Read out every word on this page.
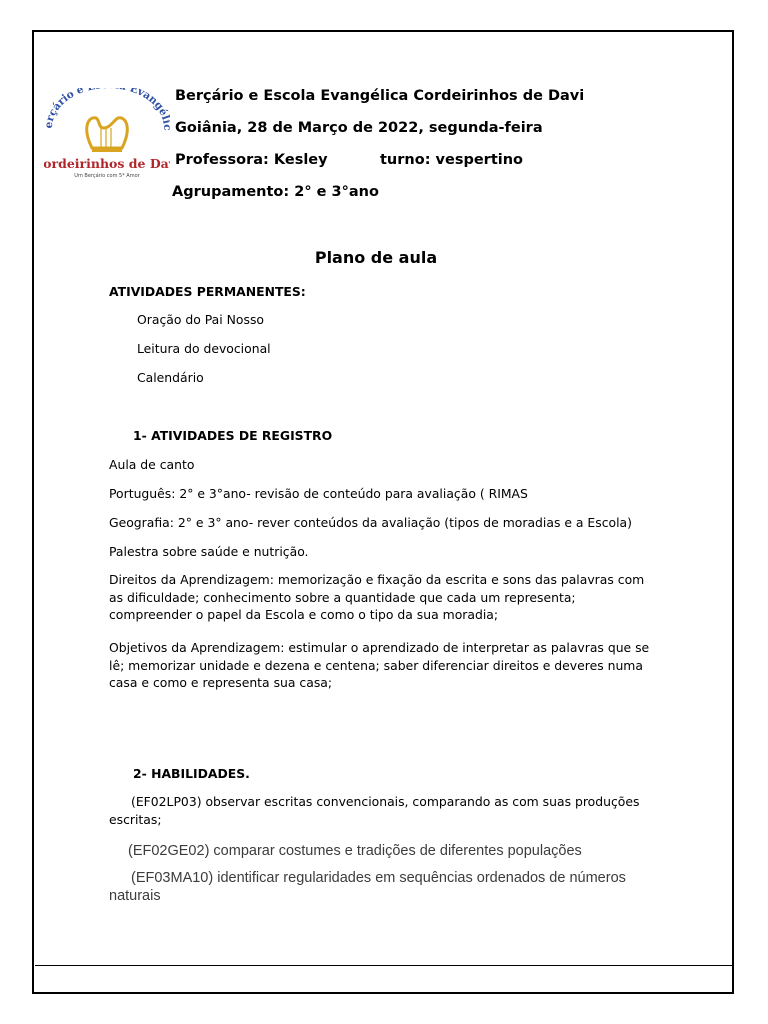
erçário e Evangé
ordeirinhos de Da
Um Berçário com 5* Amor
Berçário e Escola Evangélica Cordeirinhos de Davi
Goiânia, 28 de Março de 2022, segunda-feira
Professora: Kesley	turno: vespertino
Agrupamento: 2° e 3°ano
Plano de aula
ATIVIDADES PERMANENTES:
Oração do Pai Nosso
Leitura do devocional
Calendário
1- ATIVIDADES DE REGISTRO
Aula de canto
Português: 2° e 3°ano- revisão de conteúdo para avaliação ( RIMAS
Geografia: 2° e 3° ano- rever conteúdos da avaliação (tipos de moradias e a Escola)
Palestra sobre saúde e nutrição.
Direitos da Aprendizagem: memorização e fixação da escrita e sons das palavras com as dificuldade; conhecimento sobre a quantidade que cada um representa; compreender o papel da Escola e como o tipo da sua moradia;
Objetivos da Aprendizagem: estimular o aprendizado de interpretar as palavras que se lê; memorizar unidade e dezena e centena; saber diferenciar direitos e deveres numa casa e como e representa sua casa;
2- HABILIDADES.
(EF02LP03) observar escritas convencionais, comparando as com suas produções escritas;
(EF02GE02) comparar costumes e tradições de diferentes populações
(EF03MA10) identificar regularidades em sequências ordenados de números naturais
